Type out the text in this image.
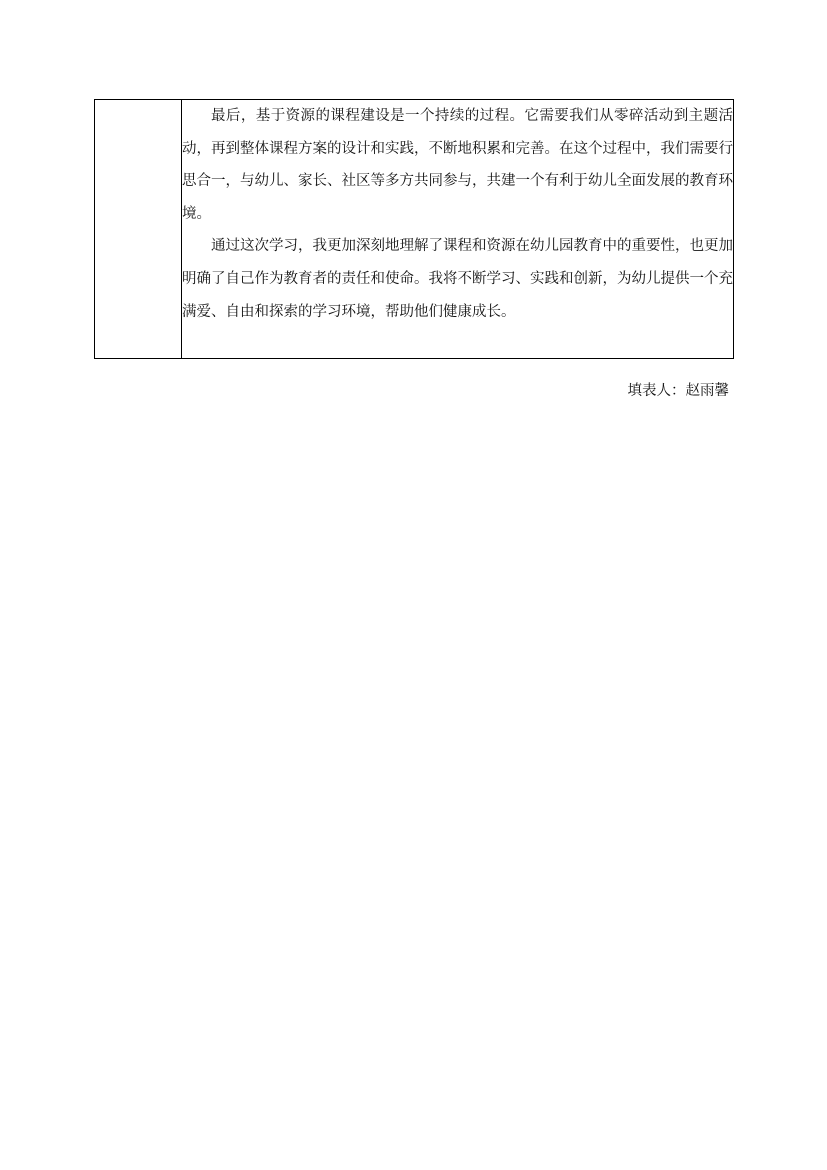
最后，基于资源的课程建设是一个持续的过程。它需要我们从零碎活动到主题活动，再到整体课程方案的设计和实践，不断地积累和完善。在这个过程中，我们需要行思合一，与幼儿、家长、社区等多方共同参与，共建一个有利于幼儿全面发展的教育环境。

通过这次学习，我更加深刻地理解了课程和资源在幼儿园教育中的重要性，也更加明确了自己作为教育者的责任和使命。我将不断学习、实践和创新，为幼儿提供一个充满爱、自由和探索的学习环境，帮助他们健康成长。

填表人：赵雨馨
